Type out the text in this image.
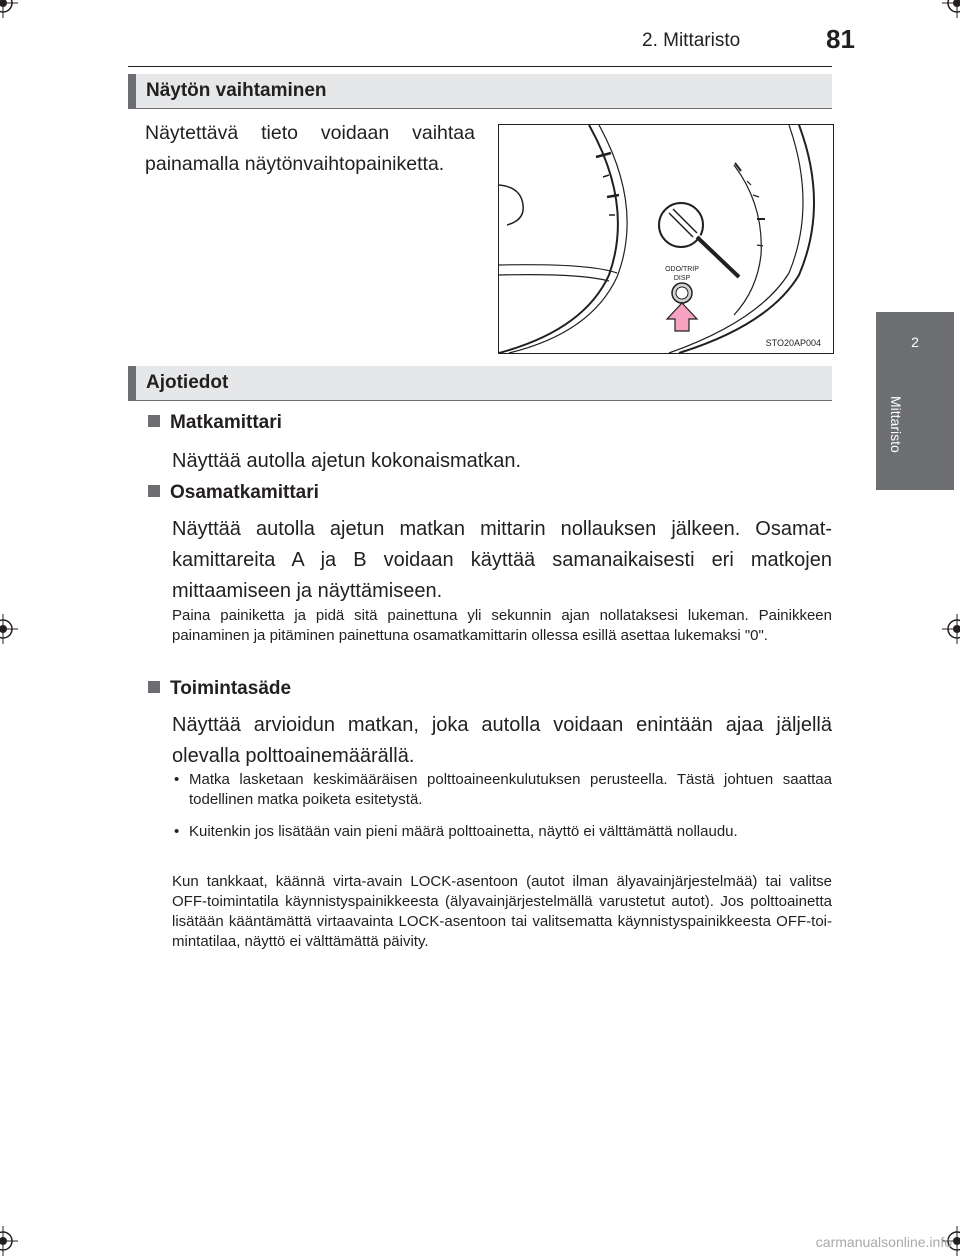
2. Mittaristo	81
2
Mittaristo
Näytön vaihtaminen
Näytettävä tieto voidaan vaihtaa painamalla näytönvaihtopainiketta.
ODO/TRIP
DISP
STO20AP004
Ajotiedot
Matkamittari
Näyttää autolla ajetun kokonaismatkan.
Osamatkamittari
Näyttää autolla ajetun matkan mittarin nollauksen jälkeen. Osamatkamittareita A ja B voidaan käyttää samanaikaisesti eri matkojen mittaamiseen ja näyttämiseen.
Paina painiketta ja pidä sitä painettuna yli sekunnin ajan nollataksesi lukeman. Painikkeen painaminen ja pitäminen painettuna osamatkamittarin ollessa esillä asettaa lukemaksi "0".
Toimintasäde
Näyttää arvioidun matkan, joka autolla voidaan enintään ajaa jäljellä olevalla polttoainemäärällä.
• Matka lasketaan keskimääräisen polttoaineenkulutuksen perusteella. Tästä johtuen saattaa todellinen matka poiketa esitetystä.
• Kuitenkin jos lisätään vain pieni määrä polttoainetta, näyttö ei välttämättä nollaudu.
Kun tankkaat, käännä virta-avain LOCK-asentoon (autot ilman älyavainjärjestelmää) tai valitse OFF-toimintatila käynnistyspainikkeesta (älyavainjärjestelmällä varustetut autot). Jos polttoainetta lisätään kääntämättä virtaavainta LOCK-asentoon tai valitsematta käynnistyspainikkeesta OFF-toimintatilaa, näyttö ei välttämättä päivity.
carmanualsonline.info
